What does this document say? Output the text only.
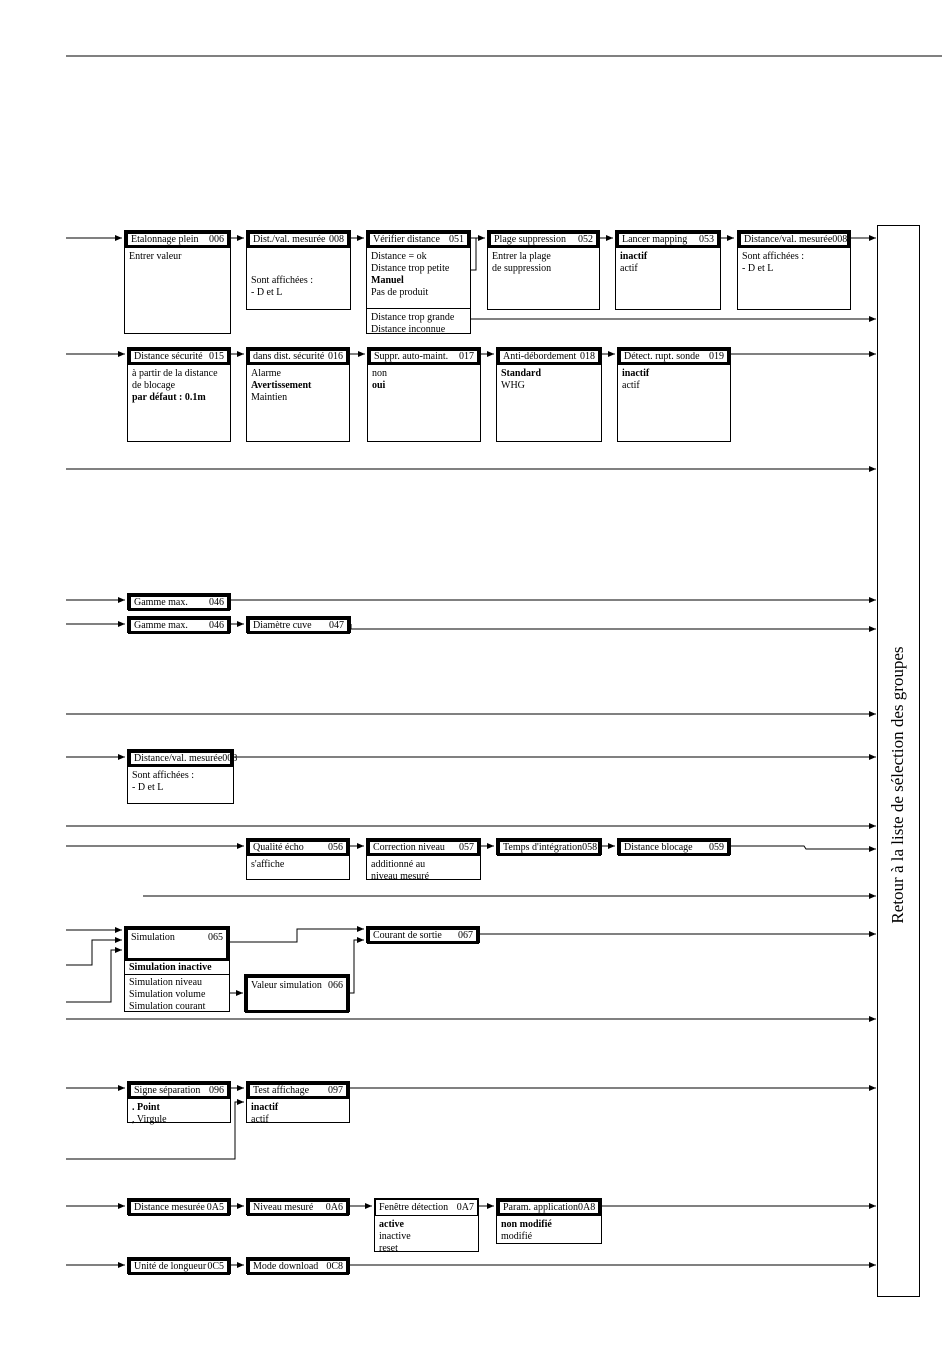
Retour à la liste de sélection des groupes
Etalonnage plein 006
Entrer valeur
Dist./val. mesurée 008
Sont affichées :
- D et L
Vérifier distance 051
Distance = ok
Distance trop petite
Manuel
Pas de produit
Distance trop grande
Distance inconnue
Plage suppression 052
Entrer la plage
de suppression
Lancer mapping 053
inactif
actif
Distance/val. mesurée 008
Sont affichées :
- D et L
Distance sécurité 015
à partir de la distance
de blocage
par défaut : 0.1m
dans dist. sécurité 016
Alarme
Avertissement
Maintien
Suppr. auto-maint. 017
non
oui
Anti-débordement 018
Standard
WHG
Détect. rupt. sonde 019
inactif
actif
Gamme max. 046
Gamme max. 046	Diamètre cuve 047
Distance/val. mesurée 008
Sont affichées :
- D et L
Qualité écho 056
s'affiche
Correction niveau 057
additionné au
niveau mesuré
Temps d'intégration 058	Distance blocage 059
Simulation	065
Simulation inactive
Simulation niveau
Simulation volume
Simulation courant
Valeur simulation 066
Courant de sortie 067
Signe séparation 096
. Point
, Virgule
Test affichage 097
inactif
actif
Distance mesurée 0A5	Niveau mesuré 0A6	Fenêtre détection 0A7
active
inactive
reset
Param. application 0A8
non modifié
modifié
Unité de longueur 0C5	Mode download 0C8
